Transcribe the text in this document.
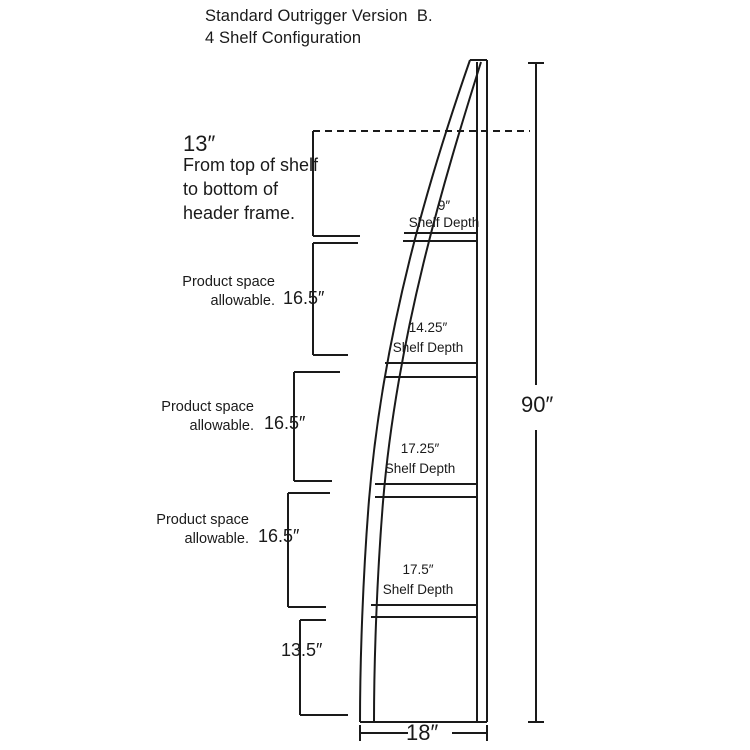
Standard Outrigger Version  B.
4 Shelf Configuration
13″
From top of shelf
to bottom of
header frame.
Product space
allowable. 16.5″
Product space
allowable. 16.5″
Product space
allowable. 16.5″
13.5″
9″
Shelf Depth
14.25″
Shelf Depth
17.25″
Shelf Depth
17.5″
Shelf Depth
90″
18″
